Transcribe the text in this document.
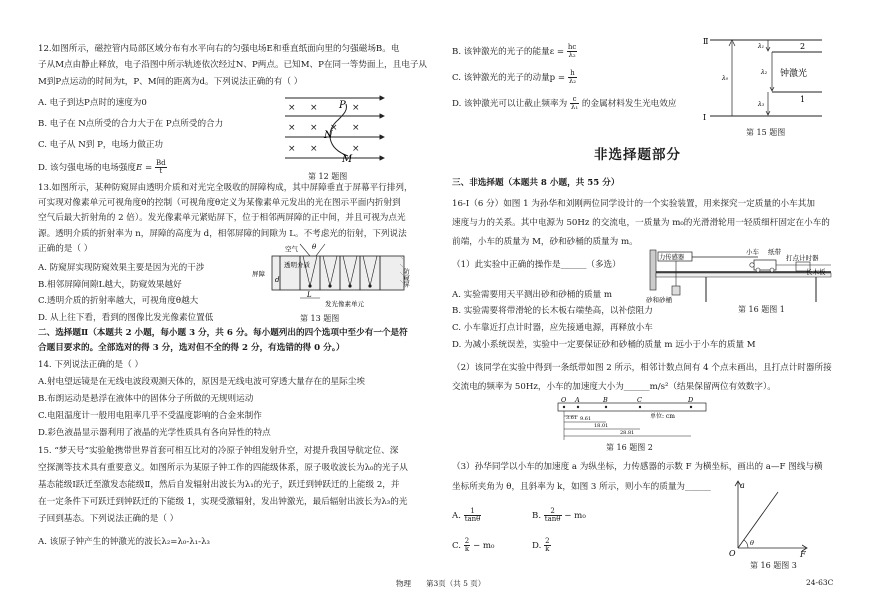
12.如图所示，磁控管内局部区域分布有水平向右的匀强电场E和垂直纸面向里的匀强磁场B。电
子从M点由静止释放，电子沿图中所示轨迹依次经过N、P两点。已知M、P在同一等势面上，且电子从
M到P点运动的时间为t，P、M间的距离为d。下列说法正确的有（ ）
A. 电子到达P点时的速度为0
B. 电子在 N点所受的合力大于在 P点所受的合力
C. 电子从 N到 P，电场力做正功
D. 该匀强电场的电场强度$E = \frac{Bd}{t}$
× ×	×
× × × ×
× ×	×
P
N
M
第 12 题图
13.如图所示，某种防窥屏由透明介质和对光完全吸收的屏障构成，其中屏障垂直于屏幕平行排列，
可实现对像素单元可视角度θ的控制（可视角度θ定义为某像素单元发出的光在图示平面内折射到
空气后最大折射角的 2 倍）。发光像素单元紧贴屏下，位于相邻两屏障的正中间，并且可视为点光
源。透明介质的折射率为 n，屏障的高度为 d，相邻屏障的间隙为 L。不考虑光的衍射，下列说法
正确的是（ ）
A. 防窥屏实现防窥效果主要是因为光的干涉
B.相邻屏障间隙L越大，防窥效果越好
C.透明介质的折射率越大，可视角度θ越大
D. 从上往下看，看到的图像比发光像素位置低
空气 θ
透明介质
屏障	防窥屏
d
L
发光像素单元
第 13 题图
二、选择题Ⅱ（本题共 2 小题，每小题 3 分，共 6 分。每小题列出的四个选项中至少有一个是符
合题目要求的。全部选对的得 3 分，选对但不全的得 2 分，有选错的得 0 分。）
14. 下列说法正确的是（ ）
A.射电望远镜是在无线电波段观测天体的，原因是无线电波可穿透大量存在的星际尘埃
B.布朗运动是悬浮在液体中的固体分子所做的无规则运动
C.电阻温度计一般用电阻率几乎不受温度影响的合金来制作
D.彩色液晶显示器利用了液晶的光学性质具有各向异性的特点
15. “梦天号”实验舱携带世界首套可相互比对的冷原子钟组发射升空，对提升我国导航定位、深
空探测等技术具有重要意义。如图所示为某原子钟工作的四能级体系，原子吸收波长为λ₀的光子从
基态能级Ⅰ跃迁至激发态能级Ⅱ，然后自发辐射出波长为λ₁的光子，跃迁到钟跃迁的上能级 2，并
在一定条件下可跃迁到钟跃迁的下能级 1，实现受激辐射，发出钟激光，最后辐射出波长为λ₃的光
子回到基态。下列说法正确的是（ ）
A. 该原子钟产生的钟激光的波长λ₂=λ₀-λ₁-λ₃
B. 该钟激光的光子的能量$\varepsilon = \frac{hc}{\text{λ₂}}$
C. 该钟激光的光子的动量$p = \frac{h}{\text{λ₂}}$
D. 该钟激光可以让截止频率为 $\frac{c}{\text{λ₁}}$ 的金属材料发生光电效应
Ⅱ
Ⅰ
2
1
λ₀
λ₁
λ₂
λ₃
钟激光
第 15 题图
非选择题部分
三、非选择题（本题共 8 小题，共 55 分）
16-Ⅰ（6 分）如图 1 为孙华和刘刚两位同学设计的一个实验装置，用来探究一定质量的小车其加
速度与力的关系。其中电源为 50Hz 的交流电，一质量为 m₀的光滑滑轮用一轻质细杆固定在小车的
前端，小车的质量为 M，砂和砂桶的质量为 m。
（1）此实验中正确的操作是______（多选）
A. 实验需要用天平测出砂和砂桶的质量 m
B. 实验需要将带滑轮的长木板右端垫高，以补偿阻力
C. 小车靠近打点计时器，应先接通电源，再释放小车
D. 为减小系统误差，实验中一定要保证砂和砂桶的质量 m 远小于小车的质量 M
力传感器
小车 纸带
打点计时器
长木板
砂和砂桶
第 16 题图 1
（2）该同学在实验中得到一条纸带如图 2 所示，相邻计数点间有 4 个点未画出，且打点计时器所接
交流电的频率为 50Hz，小车的加速度大小为______m/s²（结果保留两位有效数字）。
O A	B	C	D
单位: cm
3.61 9.61
18.01
28.81
第 16 题图 2
（3）孙华同学以小车的加速度 a 为纵坐标，力传感器的示数 F 为横坐标，画出的 a—F 图线与横
坐标所夹角为 θ，且斜率为 k，如图 3 所示，则小车的质量为______
A. $\frac{1}{\tan\theta}$	B. $\frac{2}{\tan\theta} - m_0$
C. $\frac{2}{k} - m_0$	D. $\frac{2}{k}$
a
O	F
θ
第 16 题图 3
物理 第3页（共 5 页）	24-63C
